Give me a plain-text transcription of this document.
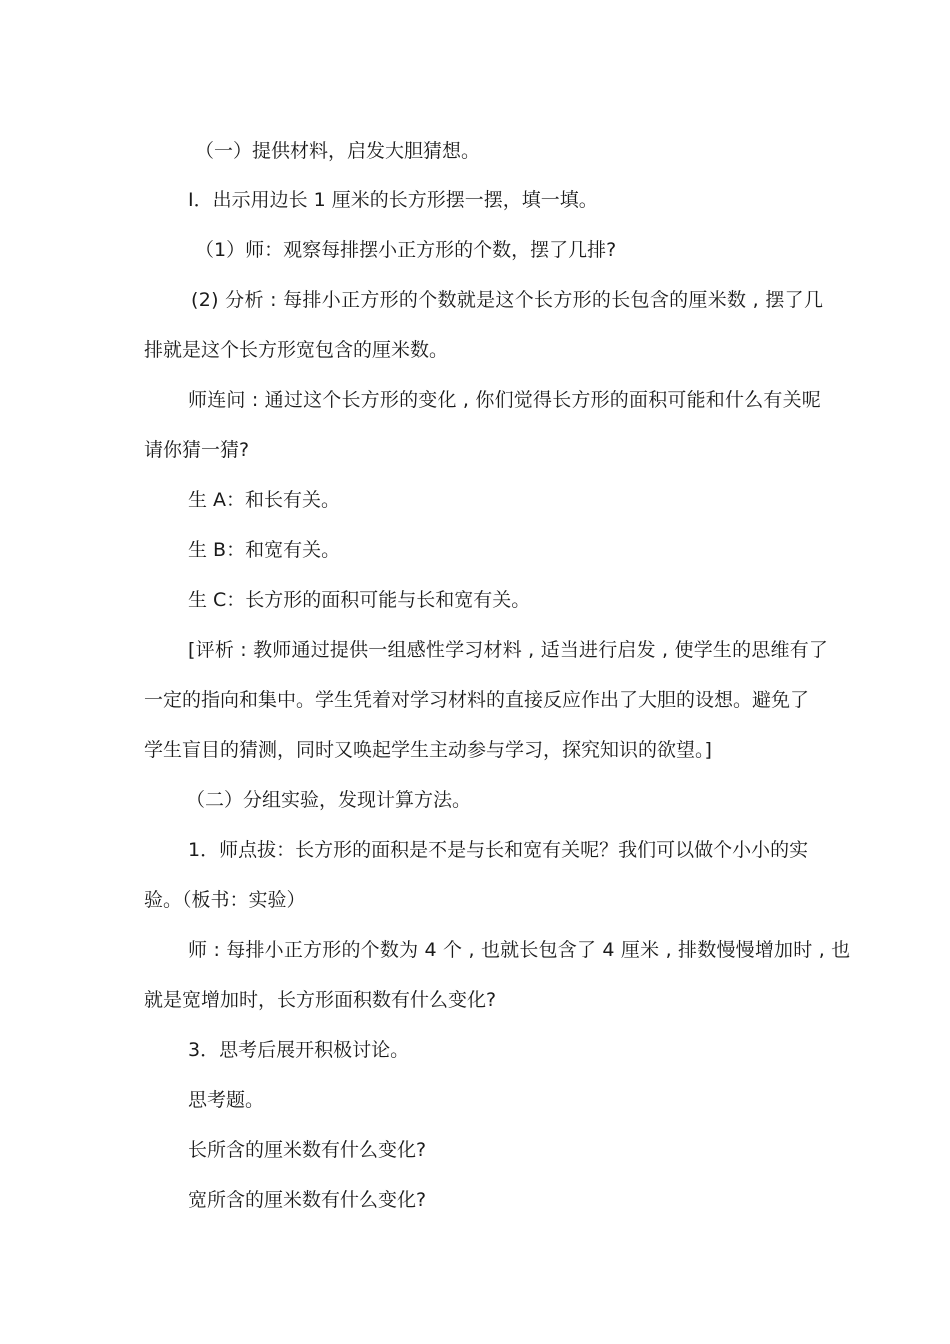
（一）提供材料，启发大胆猜想。
I．出示用边长 1 厘米的长方形摆一摆，填一填。
（1）师：观察每排摆小正方形的个数，摆了几排?
(2) 分析 : 每排小正方形的个数就是这个长方形的长包含的厘米数 , 摆了几
排就是这个长方形宽包含的厘米数。
师连问 : 通过这个长方形的变化 , 你们觉得长方形的面积可能和什么有关呢
请你猜一猜?
生 A：和长有关。
生 B：和宽有关。
生 C：长方形的面积可能与长和宽有关。
[评析 : 教师通过提供一组感性学习材料 , 适当进行启发 , 使学生的思维有了
一定的指向和集中。学生凭着对学习材料的直接反应作出了大胆的设想。避免了
学生盲目的猜测，同时又唤起学生主动参与学习，探究知识的欲望。]
（二）分组实验，发现计算方法。
1．师点拔：长方形的面积是不是与长和宽有关呢？我们可以做个小小的实
验。（板书：实验）
师 : 每排小正方形的个数为 4 个 , 也就长包含了 4 厘米 , 排数慢慢增加时 , 也
就是宽增加时，长方形面积数有什么变化?
3．思考后展开积极讨论。
思考题。
长所含的厘米数有什么变化?
宽所含的厘米数有什么变化?
